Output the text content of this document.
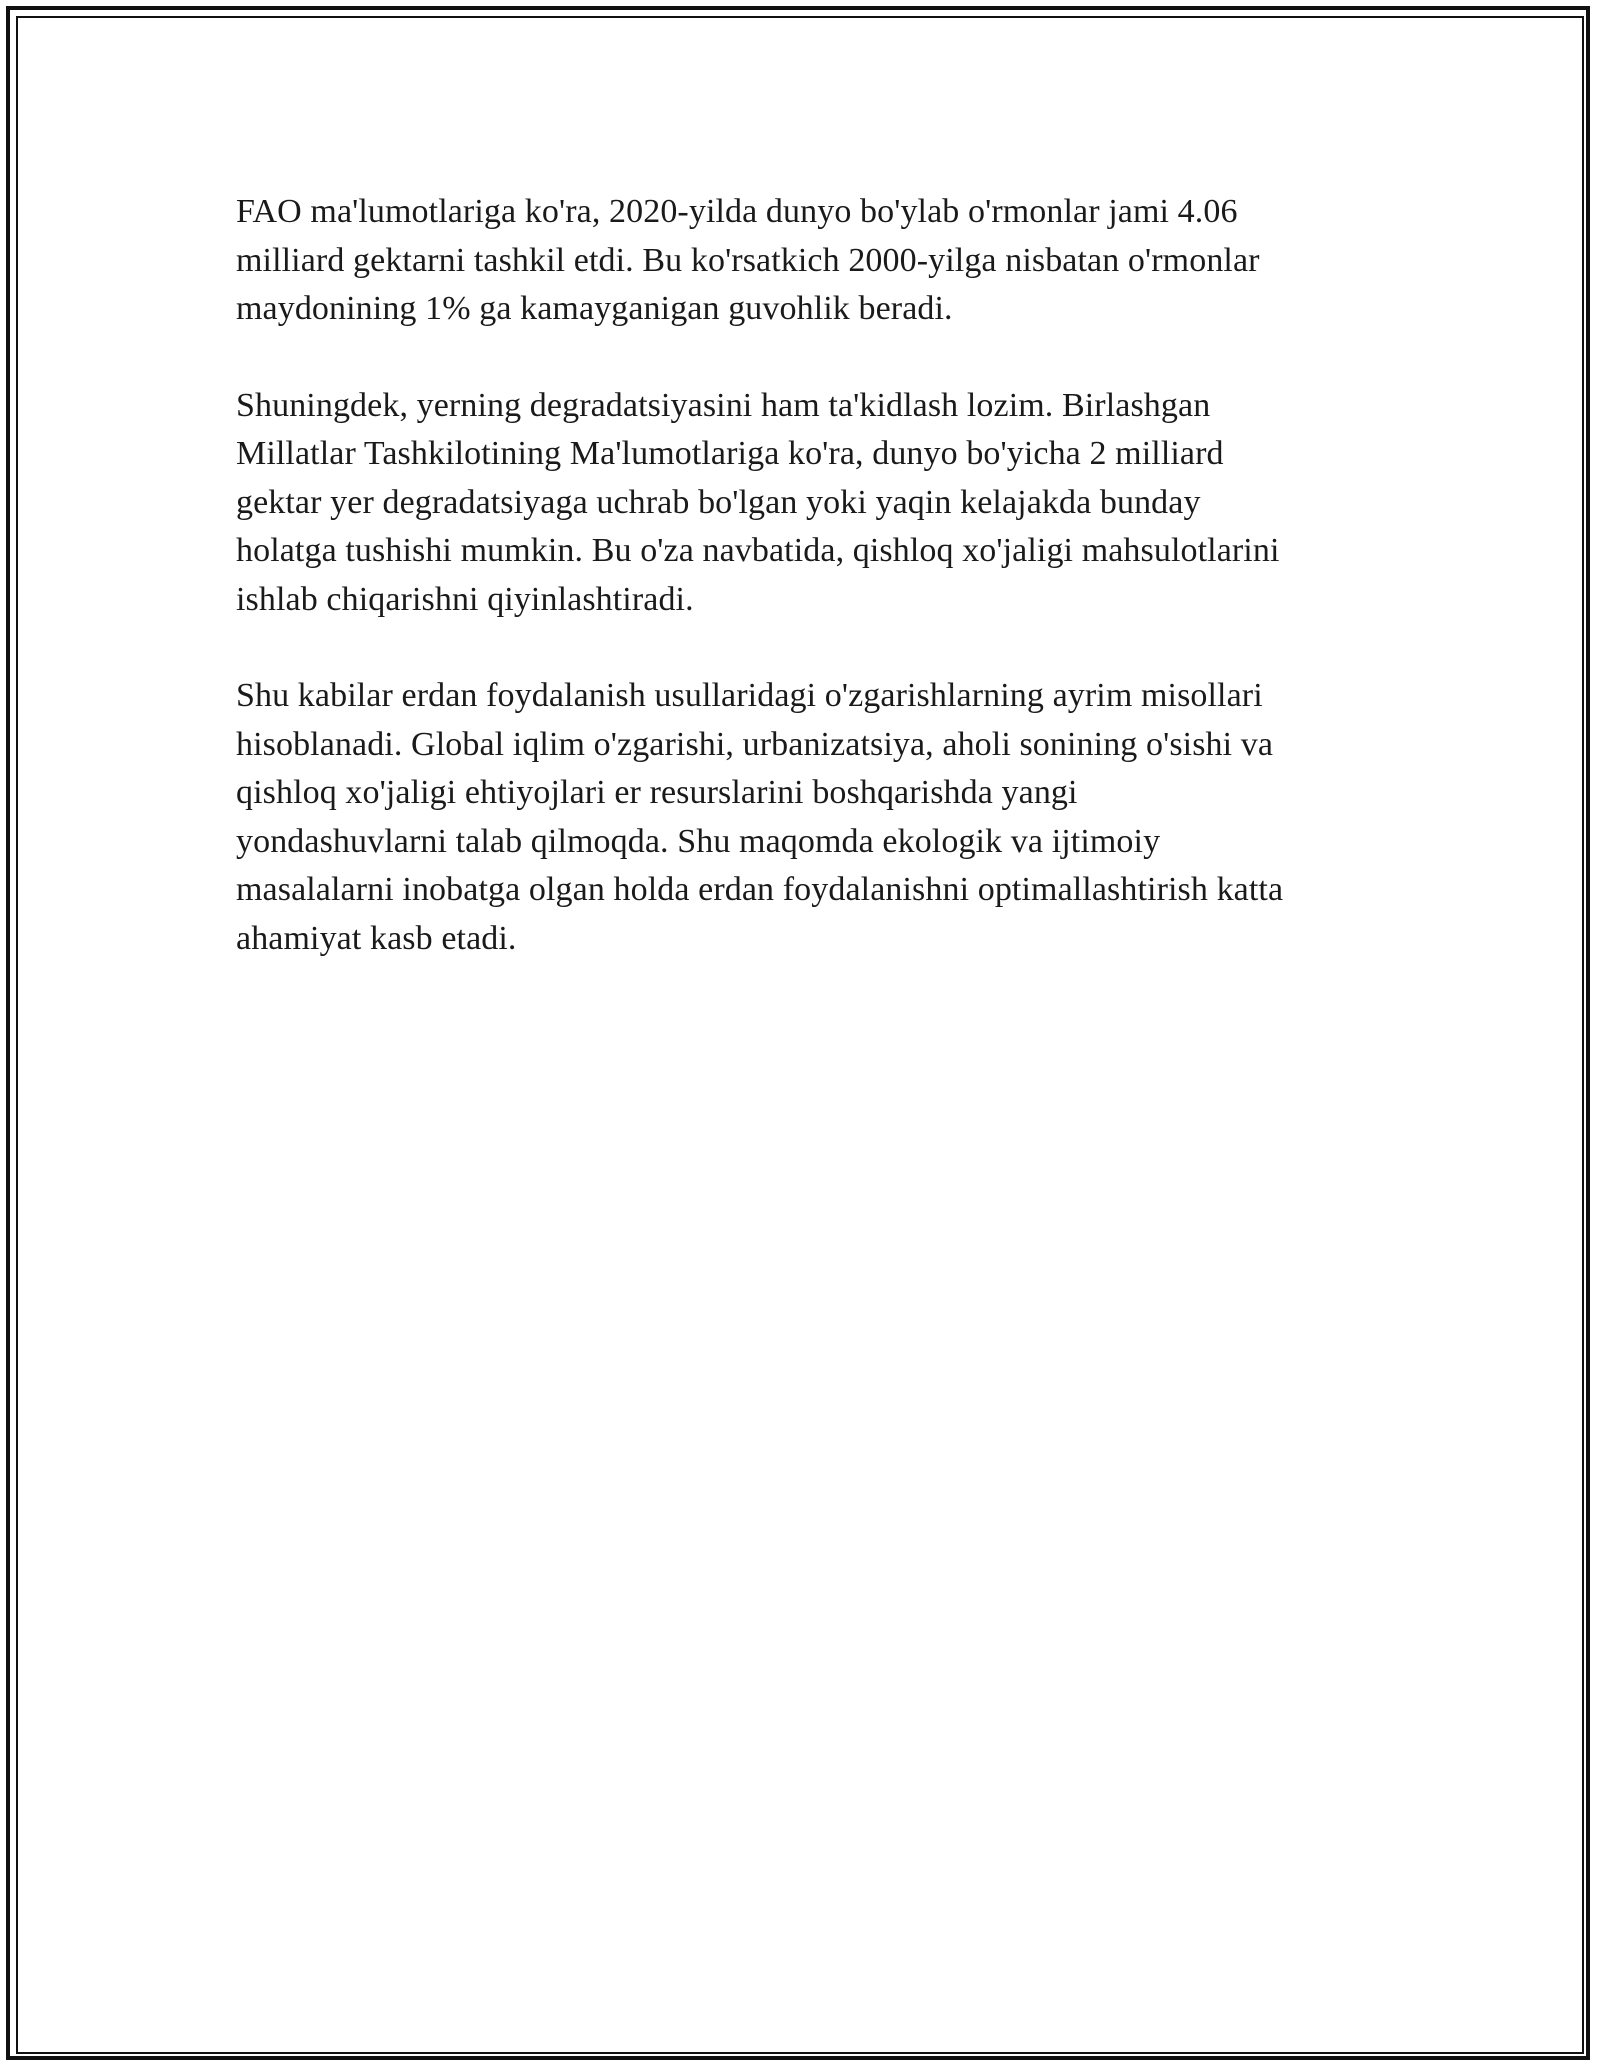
FAO ma'lumotlariga ko'ra, 2020-yilda dunyo bo'ylab o'rmonlar jami 4.06
milliard gektarni tashkil etdi. Bu ko'rsatkich 2000-yilga nisbatan o'rmonlar
maydonining 1% ga kamayganigan guvohlik beradi.

Shuningdek, yerning degradatsiyasini ham ta'kidlash lozim. Birlashgan
Millatlar Tashkilotining Ma'lumotlariga ko'ra, dunyo bo'yicha 2 milliard
gektar yer degradatsiyaga uchrab bo'lgan yoki yaqin kelajakda bunday
holatga tushishi mumkin. Bu o'za navbatida, qishloq xo'jaligi mahsulotlarini
ishlab chiqarishni qiyinlashtiradi.

Shu kabilar erdan foydalanish usullaridagi o'zgarishlarning ayrim misollari
hisoblanadi. Global iqlim o'zgarishi, urbanizatsiya, aholi sonining o'sishi va
qishloq xo'jaligi ehtiyojlari er resurslarini boshqarishda yangi
yondashuvlarni talab qilmoqda. Shu maqomda ekologik va ijtimoiy
masalalarni inobatga olgan holda erdan foydalanishni optimallashtirish katta
ahamiyat kasb etadi.
